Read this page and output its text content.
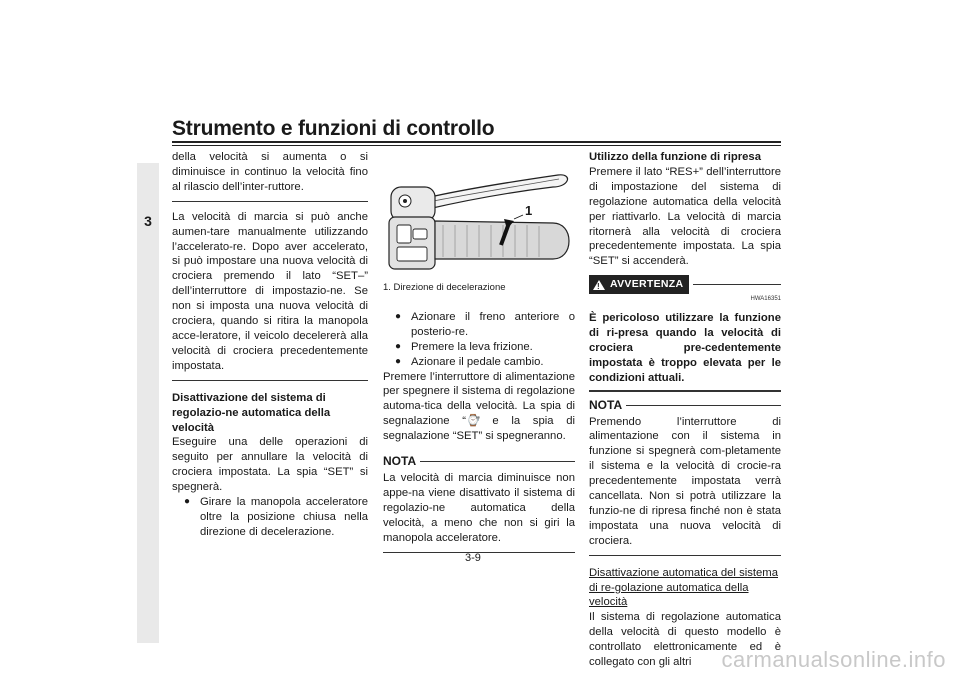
Strumento e funzioni di controllo
3

della velocità si aumenta o si diminuisce in continuo la velocità fino al rilascio dell’inter-ruttore.

La velocità di marcia si può anche aumen-tare manualmente utilizzando l’accelerato-re. Dopo aver accelerato, si può impostare una nuova velocità di crociera premendo il lato “SET–” dell’interruttore di impostazio-ne. Se non si imposta una nuova velocità di crociera, quando si ritira la manopola acce-leratore, il veicolo decelererà alla velocità di crociera precedentemente impostata.

Disattivazione del sistema di regolazio-ne automatica della velocità

Eseguire una delle operazioni di seguito per annullare la velocità di crociera impostata. La spia “SET” si spegnerà.

● Girare la manopola acceleratore oltre la posizione chiusa nella direzione di decelerazione.
1

1. Direzione di decelerazione

● Azionare il freno anteriore o posterio-re.
● Premere la leva frizione.
● Azionare il pedale cambio.

Premere l’interruttore di alimentazione per spegnere il sistema di regolazione automa-tica della velocità. La spia di segnalazione “⌚” e la spia di segnalazione “SET” si spegneranno.

NOTA

La velocità di marcia diminuisce non appe-na viene disattivato il sistema di regolazio-ne automatica della velocità, a meno che non si giri la manopola acceleratore.

Utilizzo della funzione di ripresa

Premere il lato “RES+” dell’interruttore di impostazione del sistema di regolazione automatica della velocità per riattivarlo. La velocità di marcia ritornerà alla velocità di crociera precedentemente impostata. La spia “SET” si accenderà.

! AVVERTENZA
HWA16351

È pericoloso utilizzare la funzione di ri-presa quando la velocità di crociera pre-cedentemente impostata è troppo elevata per le condizioni attuali.

NOTA

Premendo l’interruttore di alimentazione con il sistema in funzione si spegnerà com-pletamente il sistema e la velocità di crocie-ra precedentemente impostata verrà cancellata. Non si potrà utilizzare la funzio-ne di ripresa finché non è stata impostata una nuova velocità di crociera.

Disattivazione automatica del sistema di re-golazione automatica della velocità

Il sistema di regolazione automatica della velocità di questo modello è controllato elettronicamente ed è collegato con gli altri

3-9
carmanualsonline.info
